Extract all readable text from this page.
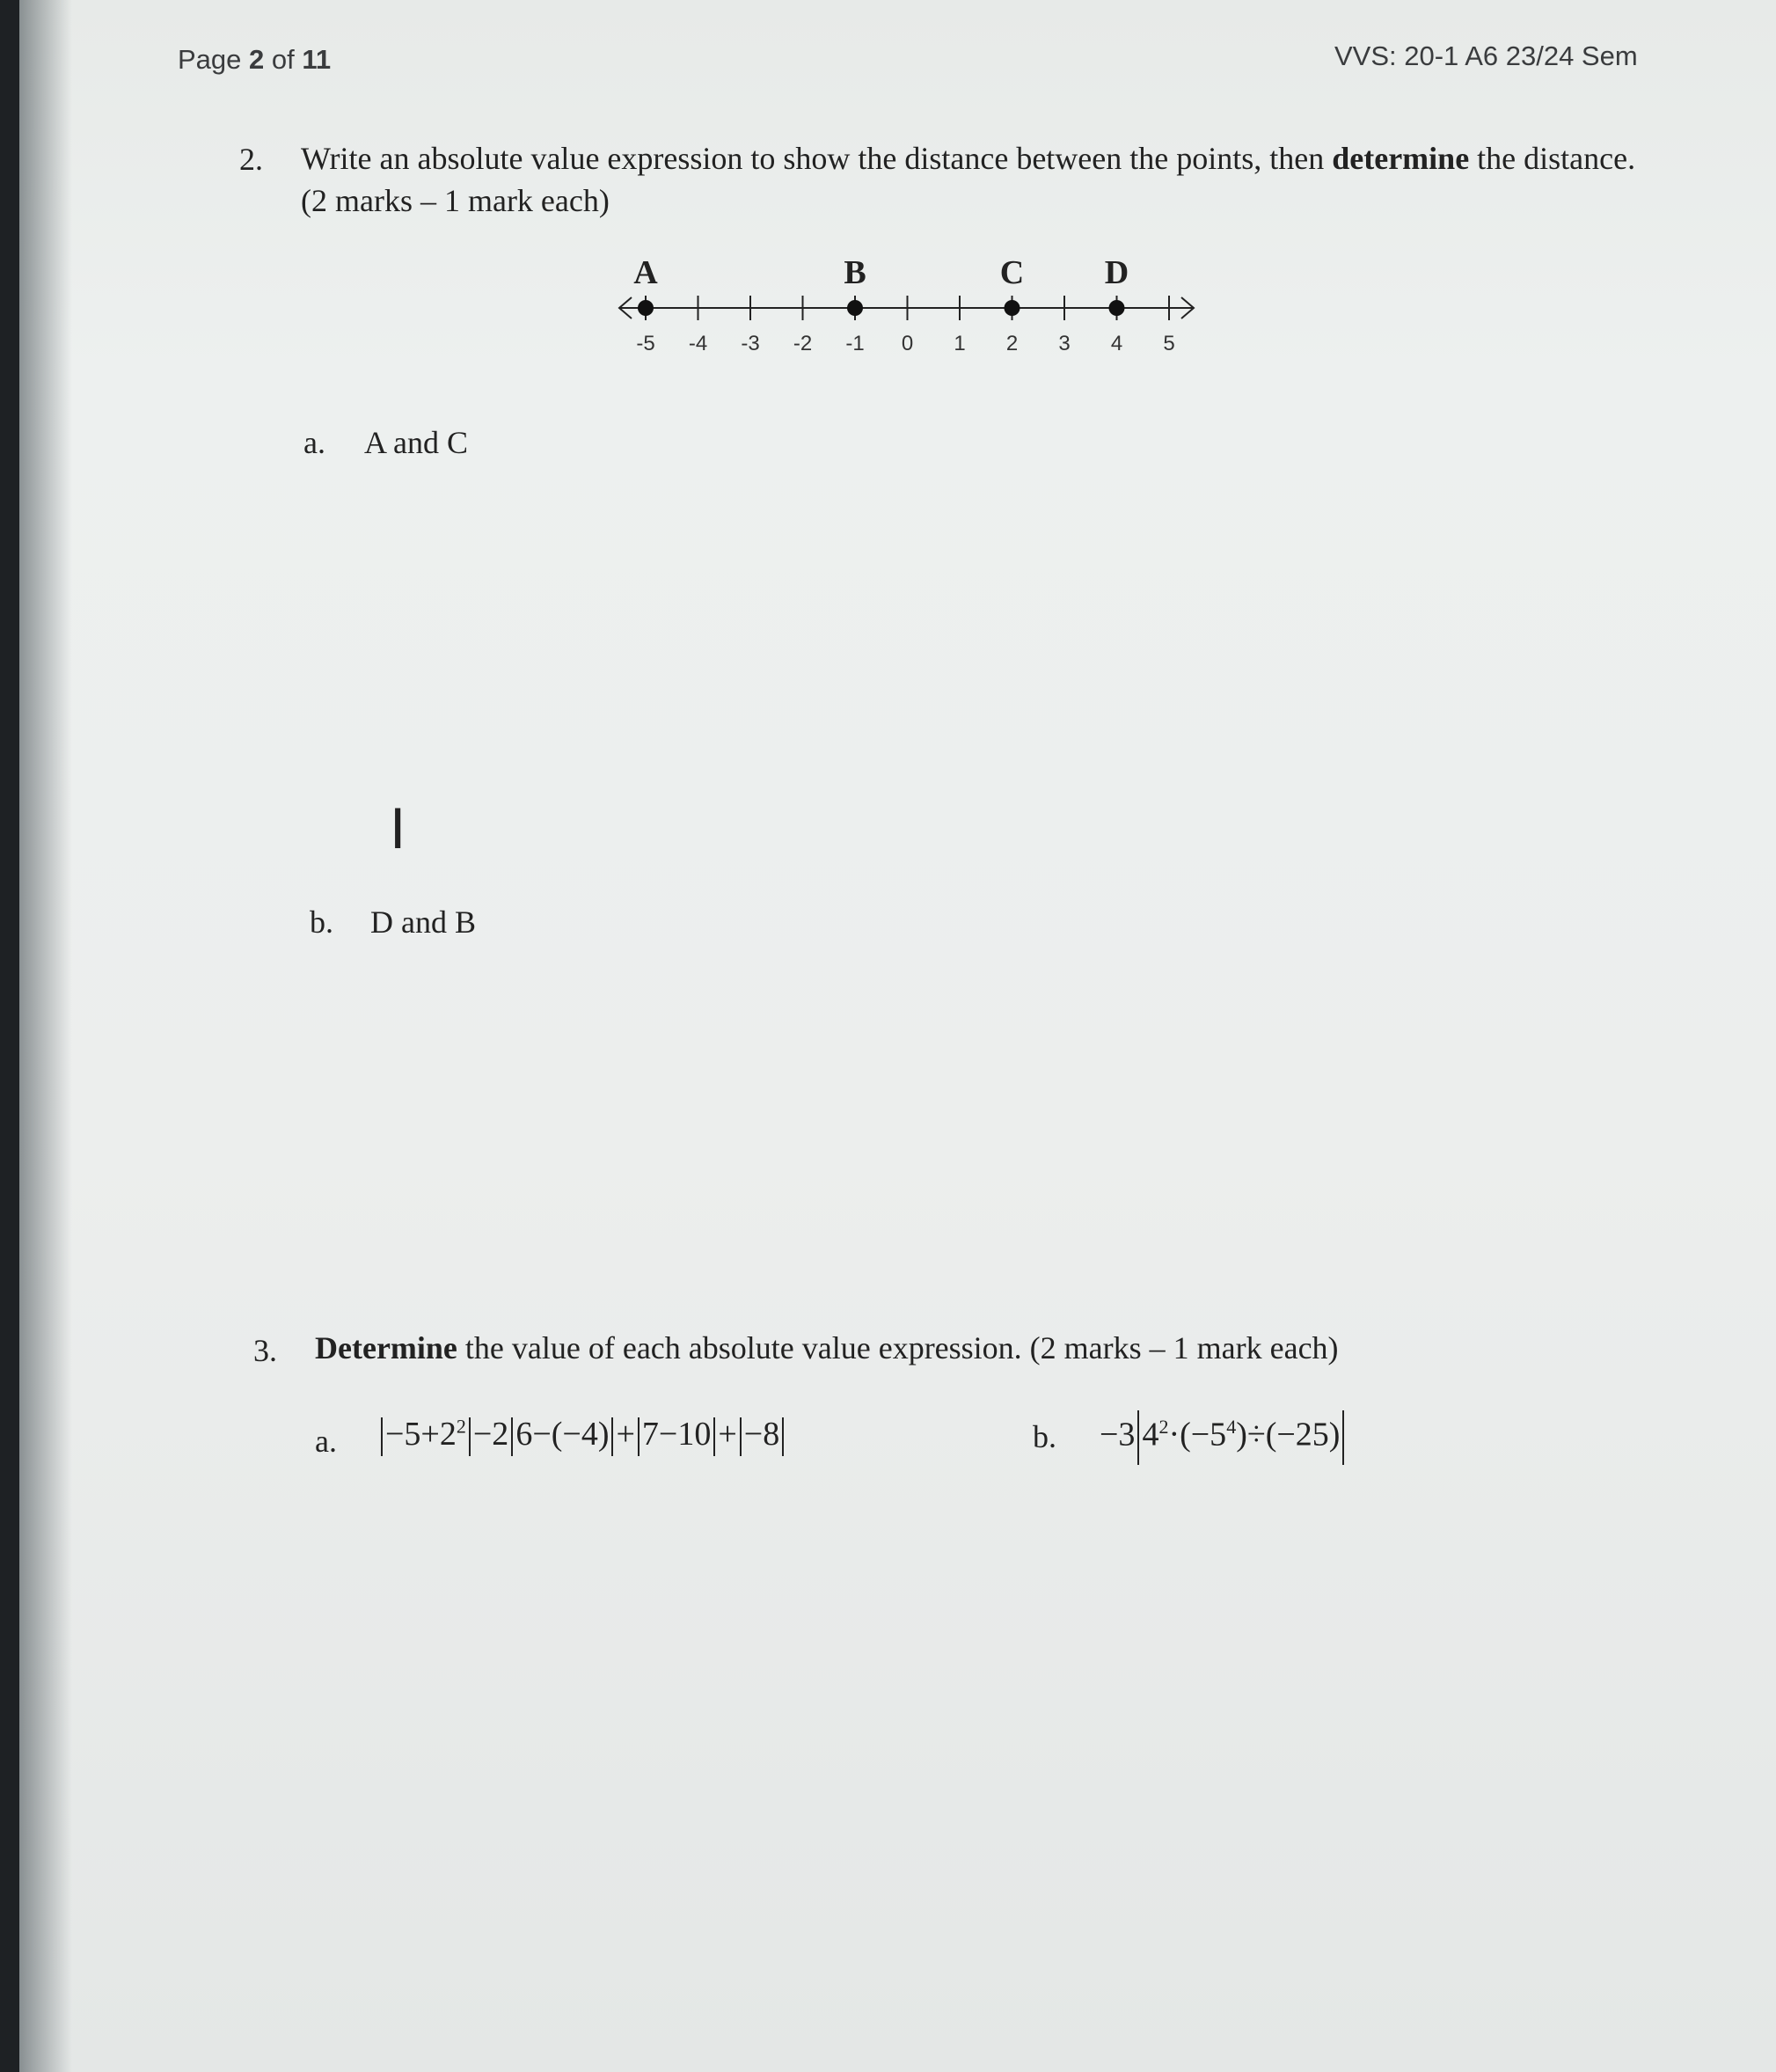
Page 2 of 11	VVS: 20-1 A6 23/24 Sem
2. Write an absolute value expression to show the distance between the points, then determine the distance. (2 marks – 1 mark each)
-5 -4 -3 -2 -1 0 1 2 3 4 5
A	B	C D
a. A and C
I
b. D and B
3. Determine the value of each absolute value expression. (2 marks – 1 mark each)
a. $-5+2^2 -2$ 6−(−4) + 7−10 + −8	b. −3 $4^2\cdot(-5^4)\div(-25)$
